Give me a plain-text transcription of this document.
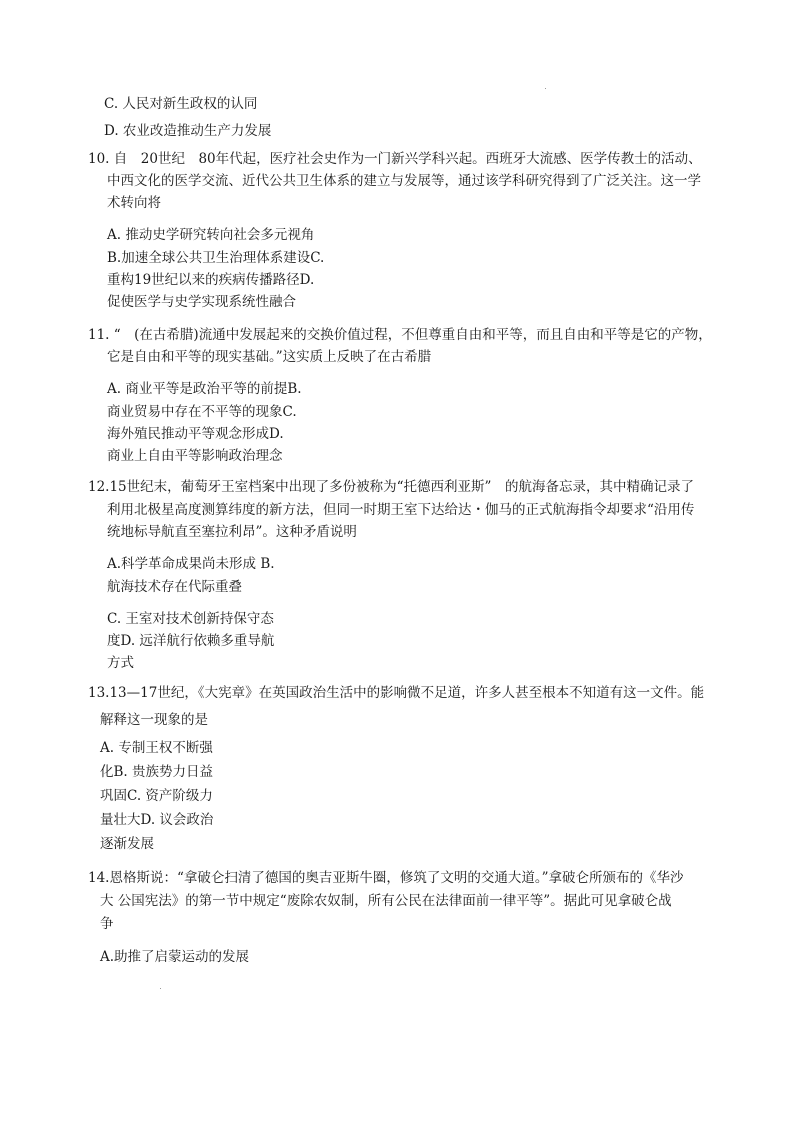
C. 人民对新生政权的认同
D. 农业改造推动生产力发展
10. 自　20世纪　80年代起，医疗社会史作为一门新兴学科兴起。西班牙大流感、医学传教士的活动、
中西文化的医学交流、近代公共卫生体系的建立与发展等，通过该学科研究得到了广泛关注。这一学
术转向将
A. 推动史学研究转向社会多元视角
B.加速全球公共卫生治理体系建设C.
重构19世纪以来的疾病传播路径D.
促使医学与史学实现系统性融合
11. “　(在古希腊)流通中发展起来的交换价值过程，不但尊重自由和平等，而且自由和平等是它的产物，
它是自由和平等的现实基础。”这实质上反映了在古希腊
A. 商业平等是政治平等的前提B.
商业贸易中存在不平等的现象C.
海外殖民推动平等观念形成D.
商业上自由平等影响政治理念
12.15世纪末，葡萄牙王室档案中出现了多份被称为“托德西利亚斯”　的航海备忘录，其中精确记录了
利用北极星高度测算纬度的新方法，但同一时期王室下达给达・伽马的正式航海指令却要求“沿用传
统地标导航直至塞拉利昂”。这种矛盾说明
A.科学革命成果尚未形成 B.
航海技术存在代际重叠
C. 王室对技术创新持保守态
度D. 远洋航行依赖多重导航
方式
13.13—17世纪，《大宪章》在英国政治生活中的影响微不足道，许多人甚至根本不知道有这一文件。能
解释这一现象的是
A. 专制王权不断强
化B. 贵族势力日益
巩固C. 资产阶级力
量壮大D. 议会政治
逐渐发展
14.恩格斯说：“拿破仑扫清了德国的奥吉亚斯牛圈，修筑了文明的交通大道。”拿破仑所颁布的《华沙
大 公国宪法》的第一节中规定“废除农奴制，所有公民在法律面前一律平等”。据此可见拿破仑战
争
A.助推了启蒙运动的发展
